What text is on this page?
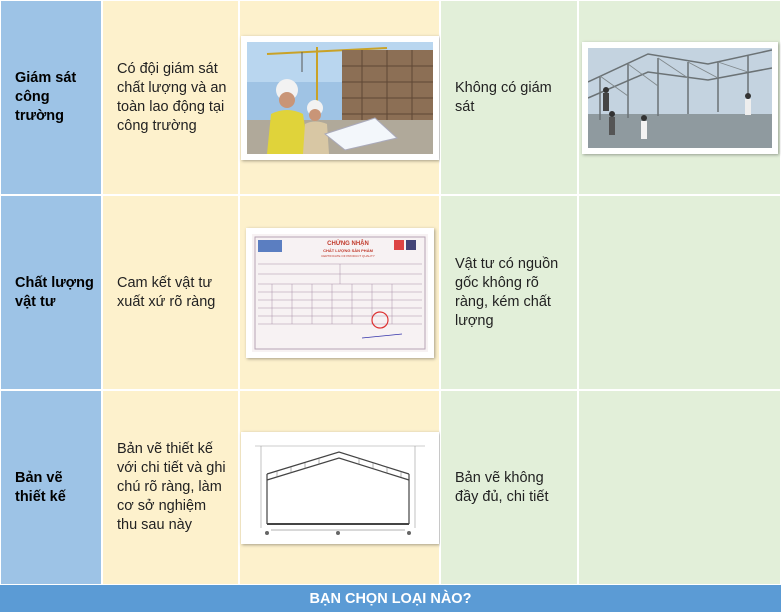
Giám sát công trường
Có đội giám sát chất lượng và an toàn lao động tại công trường
Không có giám sát
Chất lượng vật tư
Cam kết vật tư xuất xứ rõ ràng
CHỨNG NHẬN
CHẤT LƯỢNG SẢN PHẨM
CERTIFICATE OF PRODUCT QUALITY	Vật tư có nguồn gốc không rõ ràng, kém chất lượng
Bản vẽ thiết kế
Bản vẽ thiết kế với chi tiết và ghi chú rõ ràng, làm cơ sở nghiệm thu sau này
Bản vẽ không đầy đủ, chi tiết
BẠN CHỌN LOẠI NÀO?
